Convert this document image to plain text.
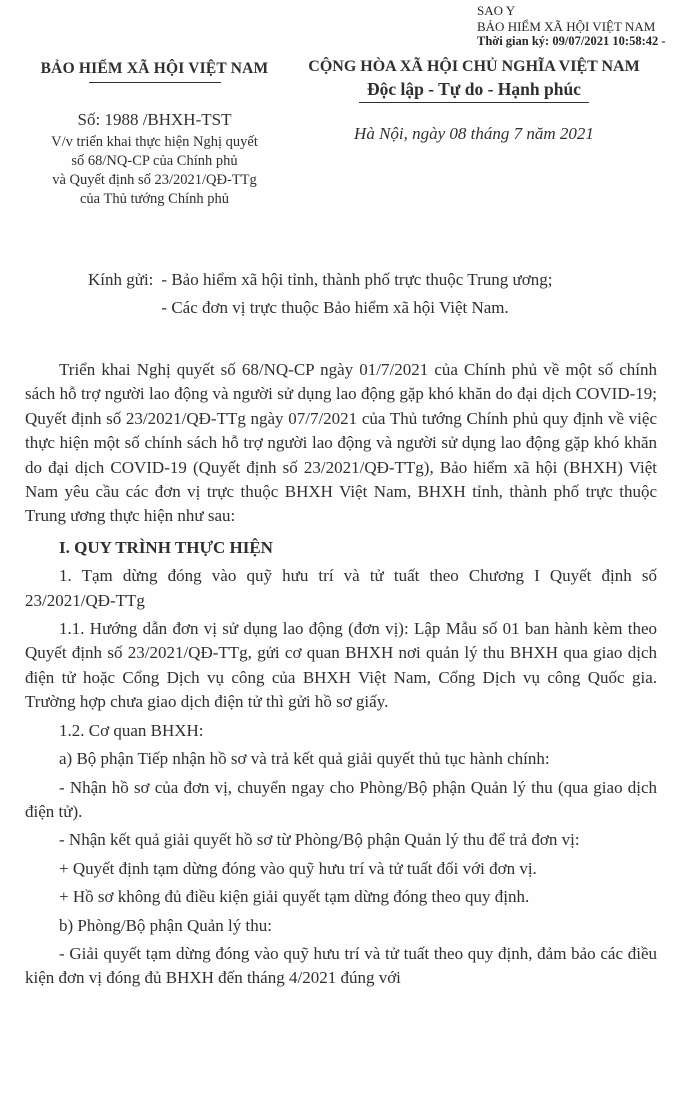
SAO Y
BẢO HIỂM XÃ HỘI VIỆT NAM
Thời gian ký: 09/07/2021 10:58:42 -
BẢO HIỂM XÃ HỘI VIỆT NAM
Số: 1988 /BHXH-TST
V/v triển khai thực hiện Nghị quyết
số 68/NQ-CP của Chính phủ
và Quyết định số 23/2021/QĐ-TTg
của Thủ tướng Chính phủ
CỘNG HÒA XÃ HỘI CHỦ NGHĨA VIỆT NAM
Độc lập - Tự do - Hạnh phúc
Hà Nội, ngày 08 tháng 7 năm 2021
Kính gửi: - Bảo hiểm xã hội tỉnh, thành phố trực thuộc Trung ương;
- Các đơn vị trực thuộc Bảo hiểm xã hội Việt Nam.

Triển khai Nghị quyết số 68/NQ-CP ngày 01/7/2021 của Chính phủ về một số chính sách hỗ trợ người lao động và người sử dụng lao động gặp khó khăn do đại dịch COVID-19; Quyết định số 23/2021/QĐ-TTg ngày 07/7/2021 của Thủ tướng Chính phủ quy định về việc thực hiện một số chính sách hỗ trợ người lao động và người sử dụng lao động gặp khó khăn do đại dịch COVID-19 (Quyết định số 23/2021/QĐ-TTg), Bảo hiểm xã hội (BHXH) Việt Nam yêu cầu các đơn vị trực thuộc BHXH Việt Nam, BHXH tỉnh, thành phố trực thuộc Trung ương thực hiện như sau:

I. QUY TRÌNH THỰC HIỆN

1. Tạm dừng đóng vào quỹ hưu trí và tử tuất theo Chương I Quyết định số 23/2021/QĐ-TTg

1.1. Hướng dẫn đơn vị sử dụng lao động (đơn vị): Lập Mẫu số 01 ban hành kèm theo Quyết định số 23/2021/QĐ-TTg, gửi cơ quan BHXH nơi quản lý thu BHXH qua giao dịch điện tử hoặc Cổng Dịch vụ công của BHXH Việt Nam, Cổng Dịch vụ công Quốc gia. Trường hợp chưa giao dịch điện tử thì gửi hồ sơ giấy.

1.2. Cơ quan BHXH:

a) Bộ phận Tiếp nhận hồ sơ và trả kết quả giải quyết thủ tục hành chính:

- Nhận hồ sơ của đơn vị, chuyển ngay cho Phòng/Bộ phận Quản lý thu (qua giao dịch điện tử).

- Nhận kết quả giải quyết hồ sơ từ Phòng/Bộ phận Quản lý thu để trả đơn vị:

+ Quyết định tạm dừng đóng vào quỹ hưu trí và tử tuất đối với đơn vị.

+ Hồ sơ không đủ điều kiện giải quyết tạm dừng đóng theo quy định.

b) Phòng/Bộ phận Quản lý thu:

- Giải quyết tạm dừng đóng vào quỹ hưu trí và tử tuất theo quy định, đảm bảo các điều kiện đơn vị đóng đủ BHXH đến tháng 4/2021 đúng với
